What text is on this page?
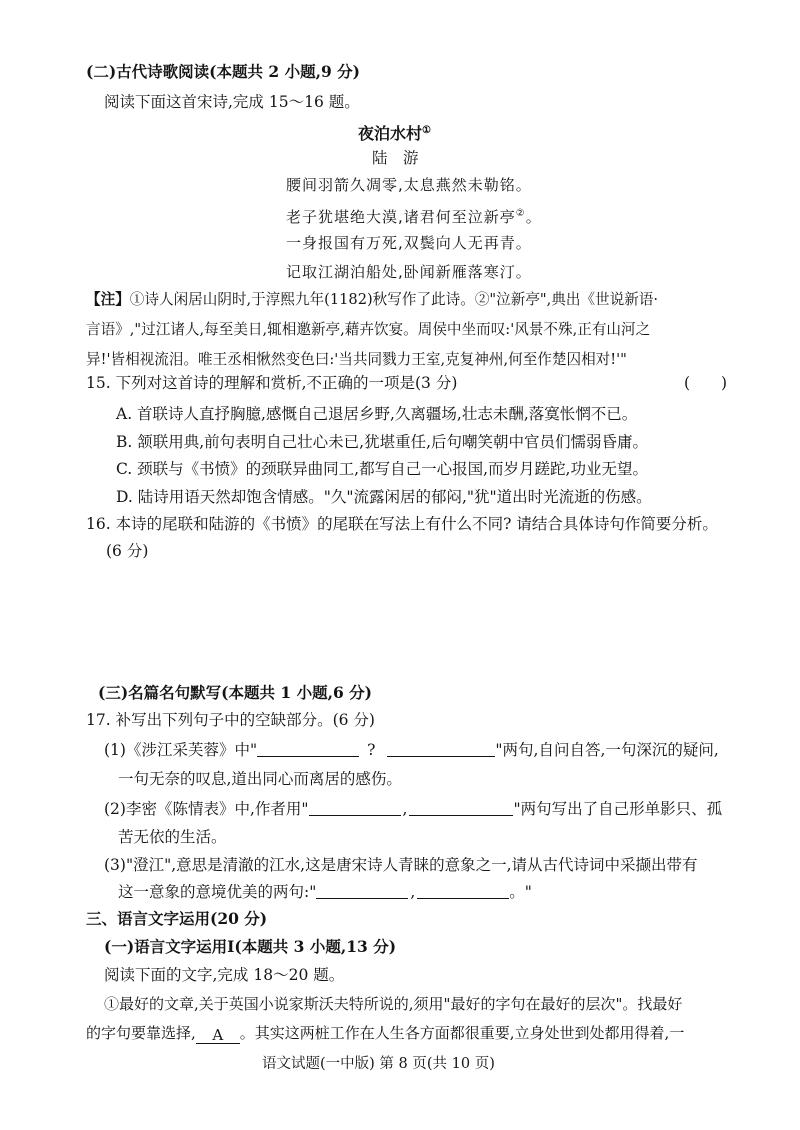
(二)古代诗歌阅读(本题共 2 小题,9 分)
阅读下面这首宋诗,完成 15～16 题。
夜泊水村①
陆　游
腰间羽箭久凋零,太息燕然未勒铭。
老子犹堪绝大漠,诸君何至泣新亭②。
一身报国有万死,双鬓向人无再青。
记取江湖泊船处,卧闻新雁落寒汀。
【注】①诗人闲居山阴时,于淳熙九年(1182)秋写作了此诗。②"泣新亭",典出《世说新语·
言语》,"过江诸人,每至美日,辄相邀新亭,藉卉饮宴。周侯中坐而叹:'风景不殊,正有山河之
异!'皆相视流泪。唯王丞相愀然变色曰:'当共同戮力王室,克复神州,何至作楚囚相对!'"
15. 下列对这首诗的理解和赏析,不正确的一项是(3 分)	(　　)
A. 首联诗人直抒胸臆,感慨自己退居乡野,久离疆场,壮志未酬,落寞怅惘不已。
B. 颔联用典,前句表明自己壮心未已,犹堪重任,后句嘲笑朝中官员们懦弱昏庸。
C. 颈联与《书愤》的颈联异曲同工,都写自己一心报国,而岁月蹉跎,功业无望。
D. 陆诗用语天然却饱含情感。"久"流露闲居的郁闷,"犹"道出时光流逝的伤感。
16. 本诗的尾联和陆游的《书愤》的尾联在写法上有什么不同? 请结合具体诗句作简要分析。
(6 分)
(三)名篇名句默写(本题共 1 小题,6 分)
17. 补写出下列句子中的空缺部分。(6 分)
(1)《涉江采芙蓉》中"	?	"两句,自问自答,一句深沉的疑问,
一句无奈的叹息,道出同心而离居的感伤。
(2)李密《陈情表》中,作者用"	,	"两句写出了自己形单影只、孤
苦无依的生活。
(3)"澄江",意思是清澈的江水,这是唐宋诗人青睐的意象之一,请从古代诗词中采撷出带有
这一意象的意境优美的两句:"	,	。"
三、语言文字运用(20 分)
(一)语言文字运用Ⅰ(本题共 3 小题,13 分)
阅读下面的文字,完成 18～20 题。
①最好的文章,关于英国小说家斯沃夫特所说的,须用"最好的字句在最好的层次"。找最好
的字句要靠选择, A 。其实这两桩工作在人生各方面都很重要,立身处世到处都用得着,一
语文试题(一中版) 第 8 页(共 10 页)
